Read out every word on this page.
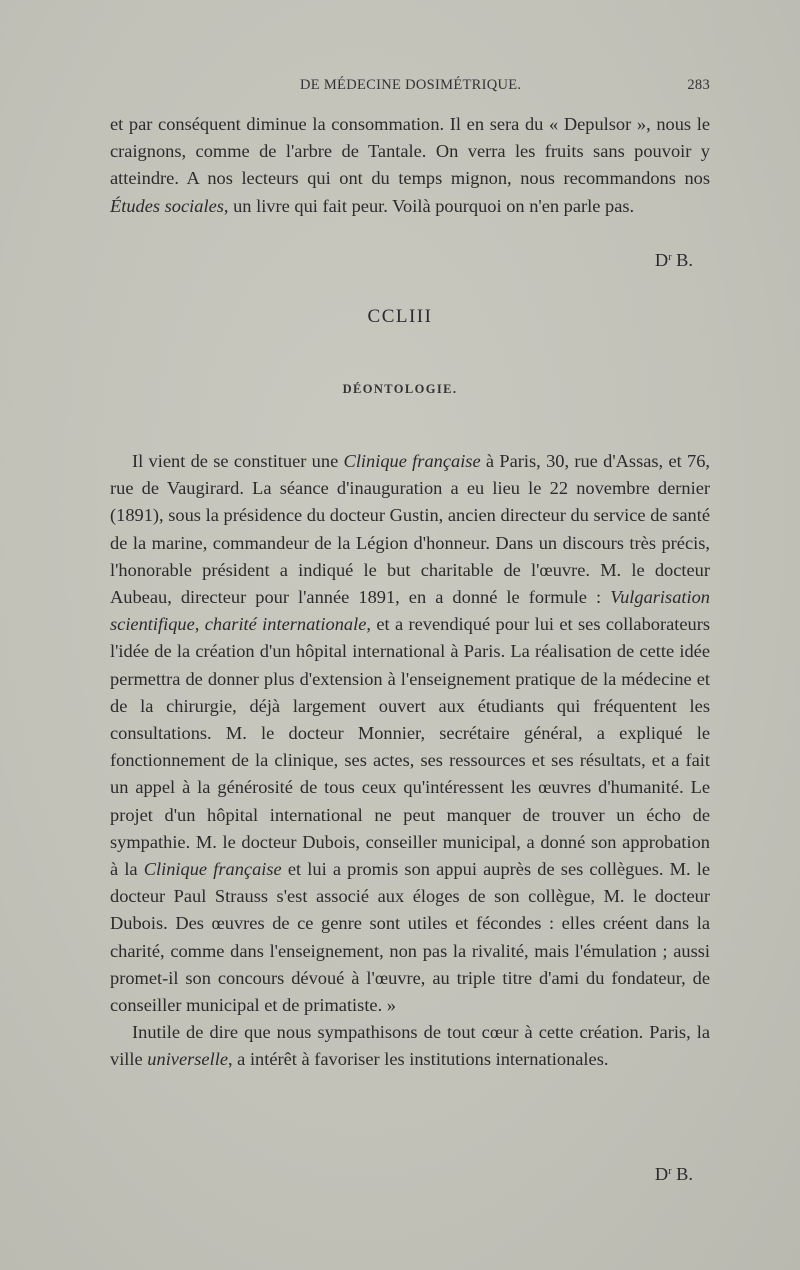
DE MÉDECINE DOSIMÉTRIQUE.	283

et par conséquent diminue la consommation. Il en sera du « Depulsor », nous le craignons, comme de l'arbre de Tantale. On verra les fruits sans pouvoir y atteindre. A nos lecteurs qui ont du temps mignon, nous recommandons nos Études sociales, un livre qui fait peur. Voilà pourquoi on n'en parle pas.

$D^r$ B.
CCLIII
DÉONTOLOGIE.

Il vient de se constituer une Clinique française à Paris, 30, rue d'Assas, et 76, rue de Vaugirard. La séance d'inauguration a eu lieu le 22 novembre dernier (1891), sous la présidence du docteur Gustin, ancien directeur du service de santé de la marine, commandeur de la Légion d'honneur. Dans un discours très précis, l'honorable président a indiqué le but charitable de l'œuvre. M. le docteur Aubeau, directeur pour l'année 1891, en a donné le formule : Vulgarisation scientifique, charité internationale, et a revendiqué pour lui et ses collaborateurs l'idée de la création d'un hôpital international à Paris. La réalisation de cette idée permettra de donner plus d'extension à l'enseignement pratique de la médecine et de la chirurgie, déjà largement ouvert aux étudiants qui fréquentent les consultations. M. le docteur Monnier, secrétaire général, a expliqué le fonctionnement de la clinique, ses actes, ses ressources et ses résultats, et a fait un appel à la générosité de tous ceux qu'intéressent les œuvres d'humanité. Le projet d'un hôpital international ne peut manquer de trouver un écho de sympathie. M. le docteur Dubois, conseiller municipal, a donné son approbation à la Clinique française et lui a promis son appui auprès de ses collègues. M. le docteur Paul Strauss s'est associé aux éloges de son collègue, M. le docteur Dubois. Des œuvres de ce genre sont utiles et fécondes : elles créent dans la charité, comme dans l'enseignement, non pas la rivalité, mais l'émulation ; aussi promet-il son concours dévoué à l'œuvre, au triple titre d'ami du fondateur, de conseiller municipal et de primatiste. »

Inutile de dire que nous sympathisons de tout cœur à cette création. Paris, la ville universelle, a intérêt à favoriser les institutions internationales.

$D^r$ B.
